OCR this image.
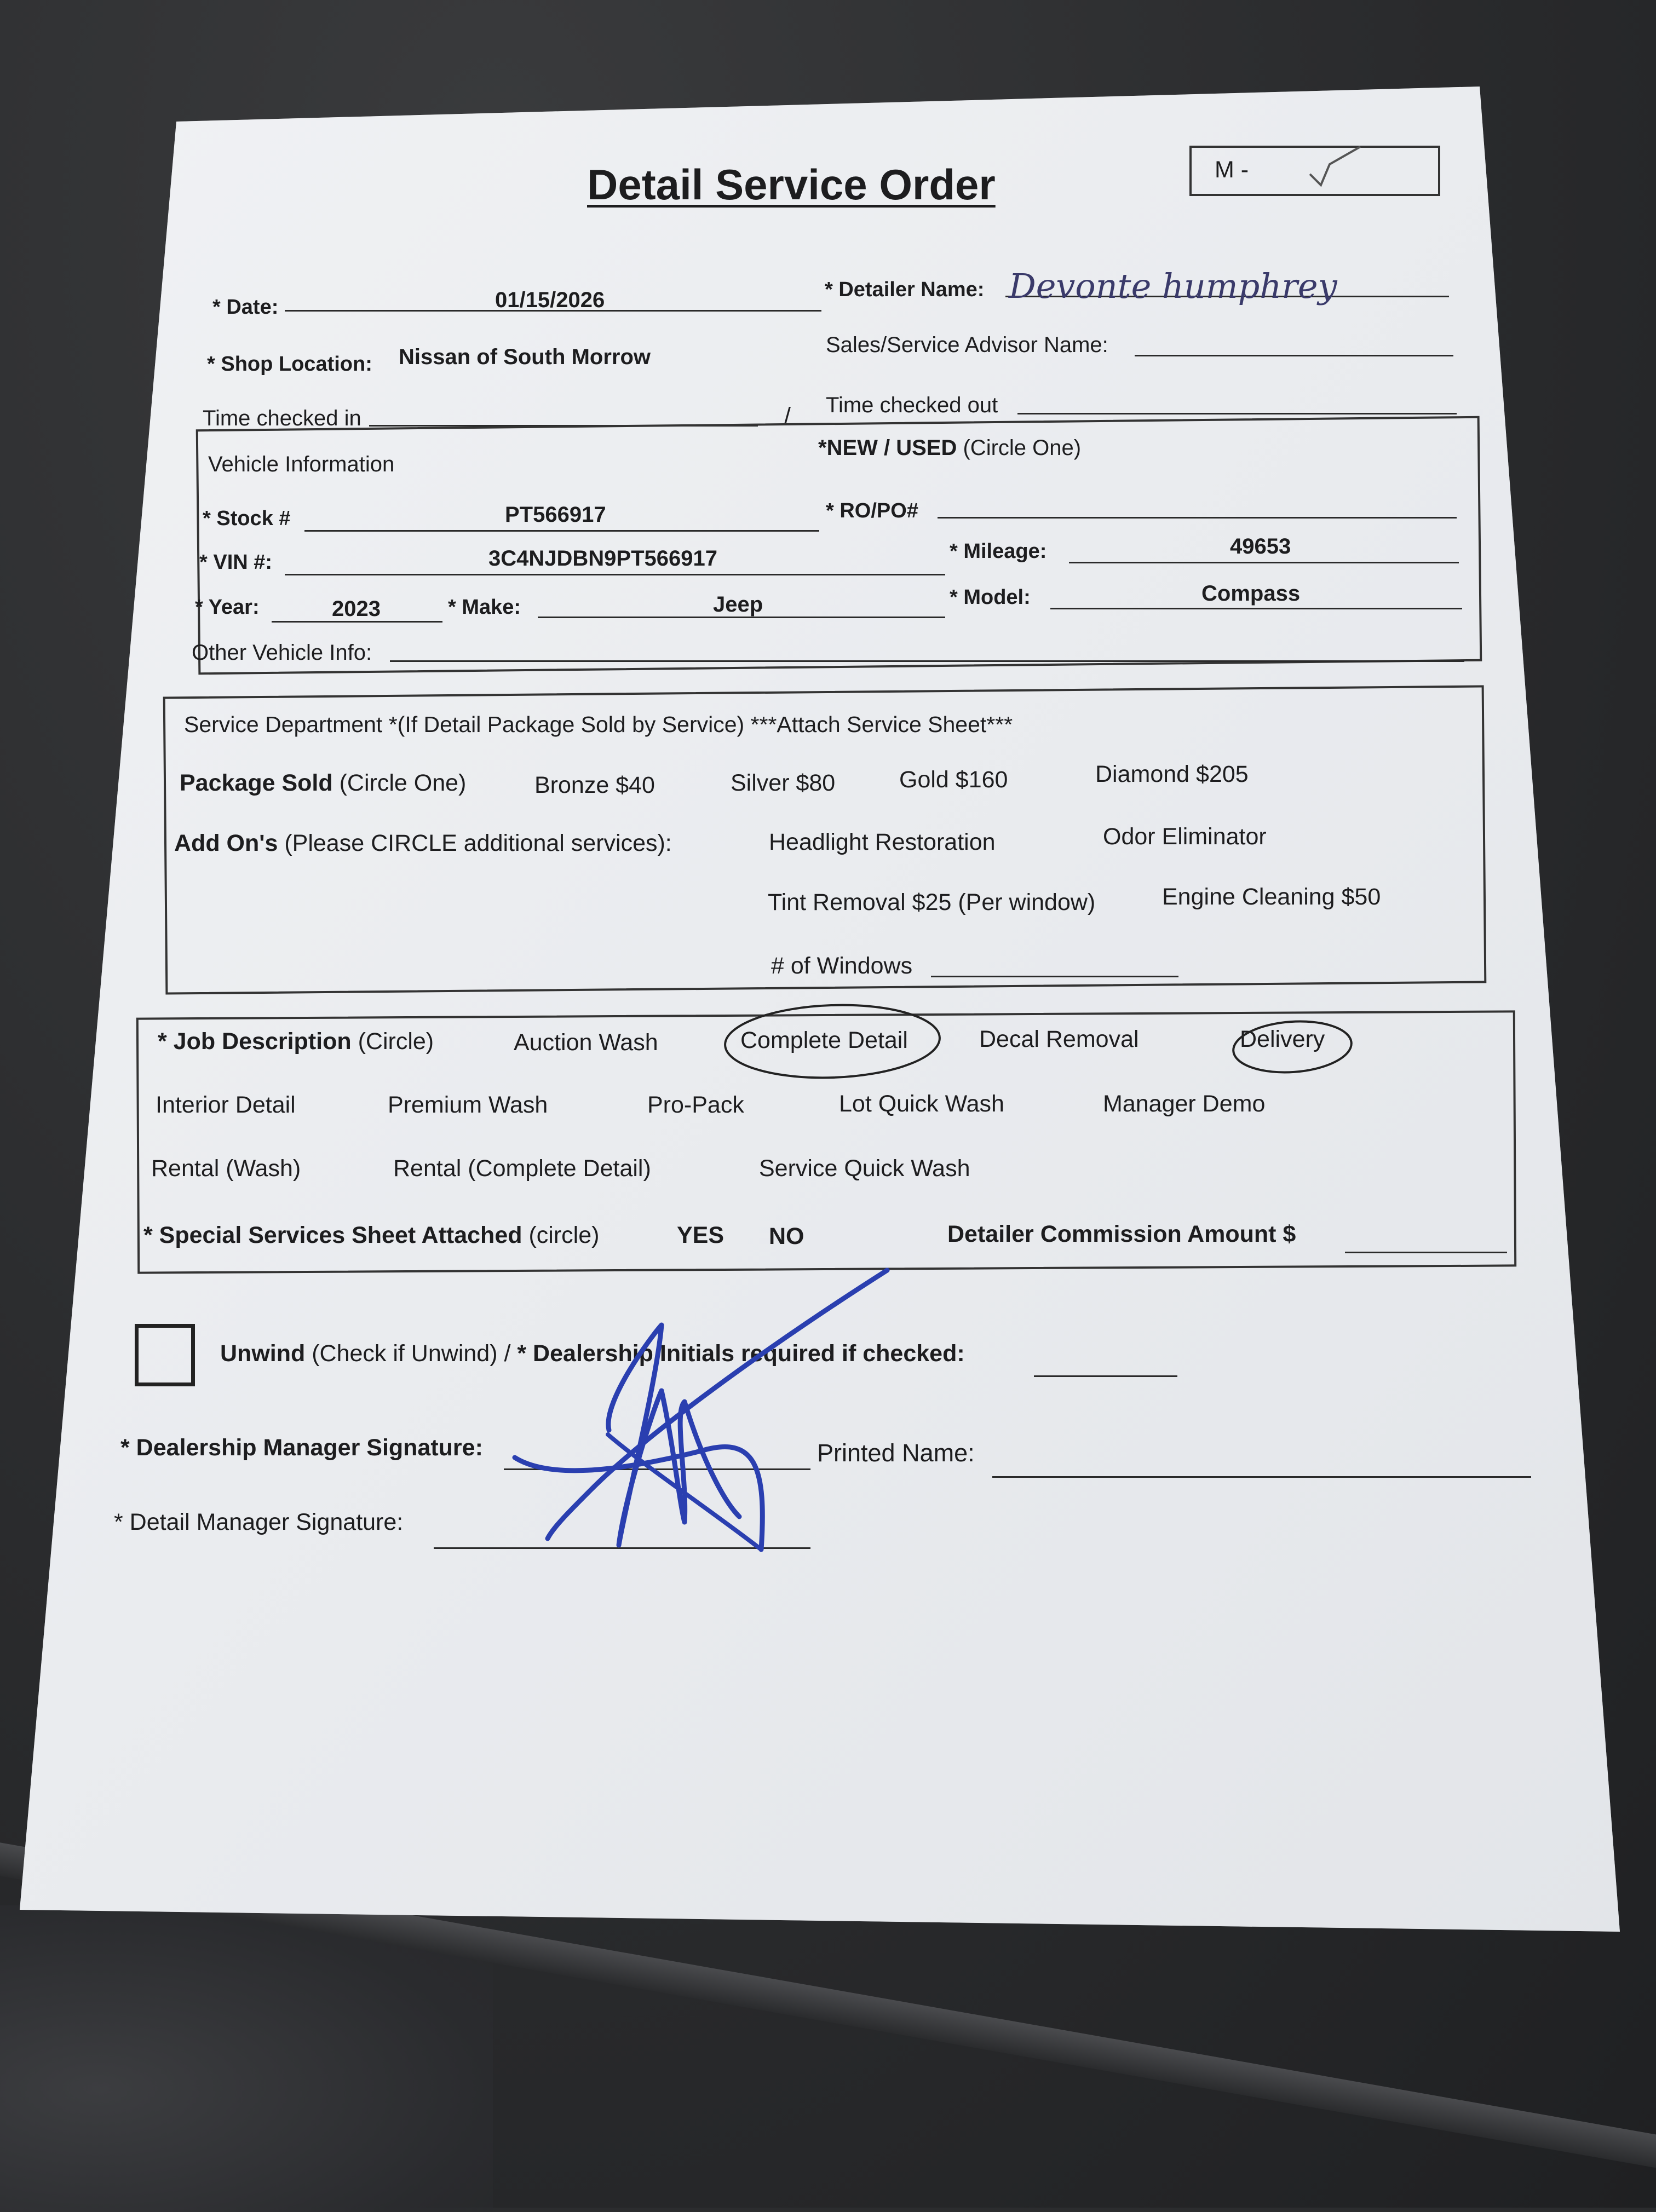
Detail Service Order	M -
* Date:	01/15/2026	* Detailer Name: Devonte humphrey
* Shop Location: Nissan of South Morrow	Sales/Service Advisor Name:
Time checked in	/ Time checked out
Vehicle Information
*NEW / USED (Circle One)
* Stock #	PT566917	* RO/PO#
* VIN #:	3C4NJDBN9PT566917	* Mileage:	49653
* Year:	2023	* Make:	Jeep	* Model:	Compass
Other Vehicle Info:
Service Department *(If Detail Package Sold by Service) ***Attach Service Sheet***
Package Sold (Circle One)	Bronze $40	Silver $80	Gold $160	Diamond $205
Add On's (Please CIRCLE additional services):	Headlight Restoration	Odor Eliminator
Tint Removal $25 (Per window)	Engine Cleaning $50
# of Windows
* Job Description (Circle)	Auction Wash	Complete Detail	Decal Removal	Delivery
Interior Detail	Premium Wash	Pro-Pack	Lot Quick Wash	Manager Demo
Rental (Wash)	Rental (Complete Detail)	Service Quick Wash
* Special Services Sheet Attached (circle)	YES NO	Detailer Commission Amount $
Unwind (Check if Unwind) / * Dealership Initials required if checked:
* Dealership Manager Signature:	Printed Name:
* Detail Manager Signature:
